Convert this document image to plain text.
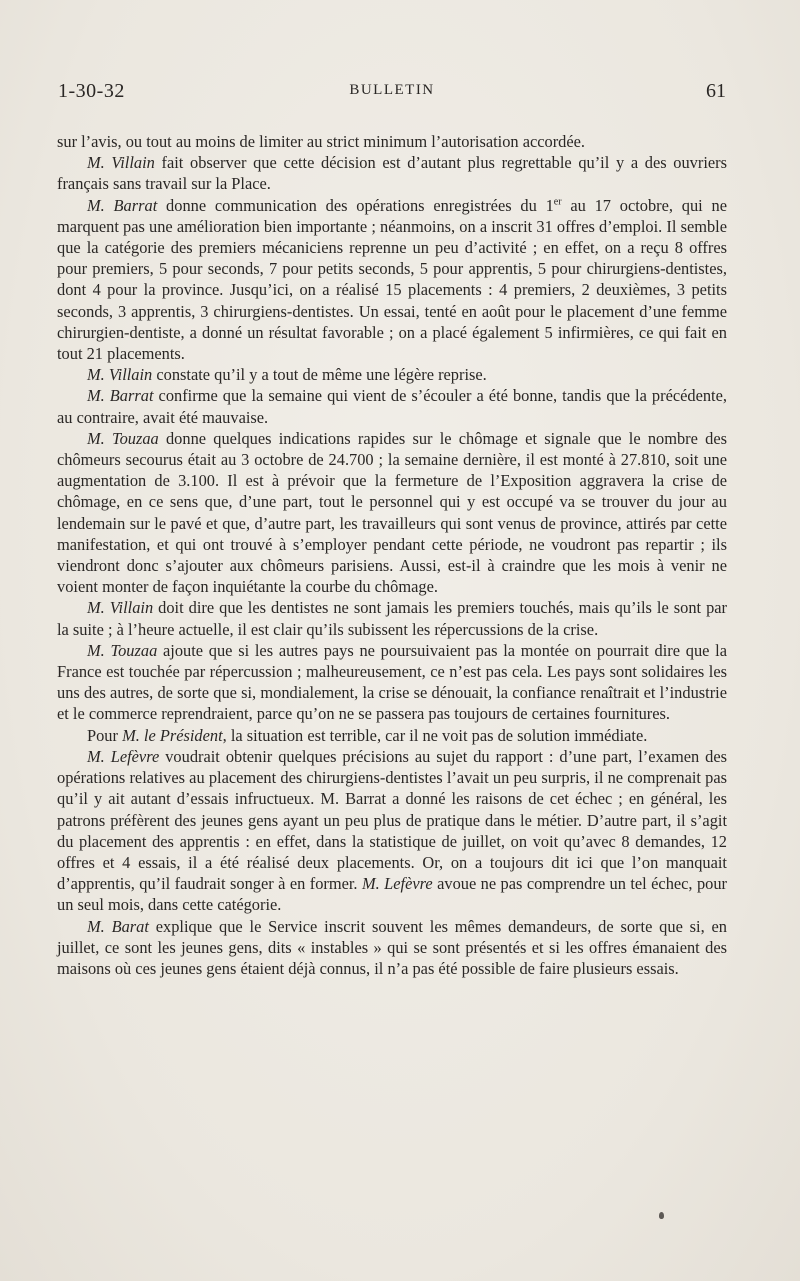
1-30-32	BULLETIN	61

sur l’avis, ou tout au moins de limiter au strict minimum l’autorisation accordée.

M. Villain fait observer que cette décision est d’autant plus regrettable qu’il y a des ouvriers français sans travail sur la Place.

M. Barrat donne communication des opérations enregistrées du 1er au 17 octobre, qui ne marquent pas une amélioration bien importante ; néanmoins, on a inscrit 31 offres d’emploi. Il semble que la catégorie des premiers mécaniciens reprenne un peu d’activité ; en effet, on a reçu 8 offres pour premiers, 5 pour seconds, 7 pour petits seconds, 5 pour apprentis, 5 pour chirurgiens-dentistes, dont 4 pour la province. Jusqu’ici, on a réalisé 15 placements : 4 premiers, 2 deuxièmes, 3 petits seconds, 3 apprentis, 3 chirurgiens-dentistes. Un essai, tenté en août pour le placement d’une femme chirurgien-dentiste, a donné un résultat favorable ; on a placé également 5 infirmières, ce qui fait en tout 21 placements.

M. Villain constate qu’il y a tout de même une légère reprise.

M. Barrat confirme que la semaine qui vient de s’écouler a été bonne, tandis que la précédente, au contraire, avait été mauvaise.

M. Touzaa donne quelques indications rapides sur le chômage et signale que le nombre des chômeurs secourus était au 3 octobre de 24.700 ; la semaine dernière, il est monté à 27.810, soit une augmentation de 3.100. Il est à prévoir que la fermeture de l’Exposition aggravera la crise de chômage, en ce sens que, d’une part, tout le personnel qui y est occupé va se trouver du jour au lendemain sur le pavé et que, d’autre part, les travailleurs qui sont venus de province, attirés par cette manifestation, et qui ont trouvé à s’employer pendant cette période, ne voudront pas repartir ; ils viendront donc s’ajouter aux chômeurs parisiens. Aussi, est-il à craindre que les mois à venir ne voient monter de façon inquiétante la courbe du chômage.

M. Villain doit dire que les dentistes ne sont jamais les premiers touchés, mais qu’ils le sont par la suite ; à l’heure actuelle, il est clair qu’ils subissent les répercussions de la crise.

M. Touzaa ajoute que si les autres pays ne poursuivaient pas la montée on pourrait dire que la France est touchée par répercussion ; malheureusement, ce n’est pas cela. Les pays sont solidaires les uns des autres, de sorte que si, mondialement, la crise se dénouait, la confiance renaîtrait et l’industrie et le commerce reprendraient, parce qu’on ne se passera pas toujours de certaines fournitures.

Pour M. le Président, la situation est terrible, car il ne voit pas de solution immédiate.

M. Lefèvre voudrait obtenir quelques précisions au sujet du rapport : d’une part, l’examen des opérations relatives au placement des chirurgiens-dentistes l’avait un peu surpris, il ne comprenait pas qu’il y ait autant d’essais infructueux. M. Barrat a donné les raisons de cet échec ; en général, les patrons préfèrent des jeunes gens ayant un peu plus de pratique dans le métier. D’autre part, il s’agit du placement des apprentis : en effet, dans la statistique de juillet, on voit qu’avec 8 demandes, 12 offres et 4 essais, il a été réalisé deux placements. Or, on a toujours dit ici que l’on manquait d’apprentis, qu’il faudrait songer à en former. M. Lefèvre avoue ne pas comprendre un tel échec, pour un seul mois, dans cette catégorie.

M. Barat explique que le Service inscrit souvent les mêmes demandeurs, de sorte que si, en juillet, ce sont les jeunes gens, dits « instables » qui se sont présentés et si les offres émanaient des maisons où ces jeunes gens étaient déjà connus, il n’a pas été possible de faire plusieurs essais.
